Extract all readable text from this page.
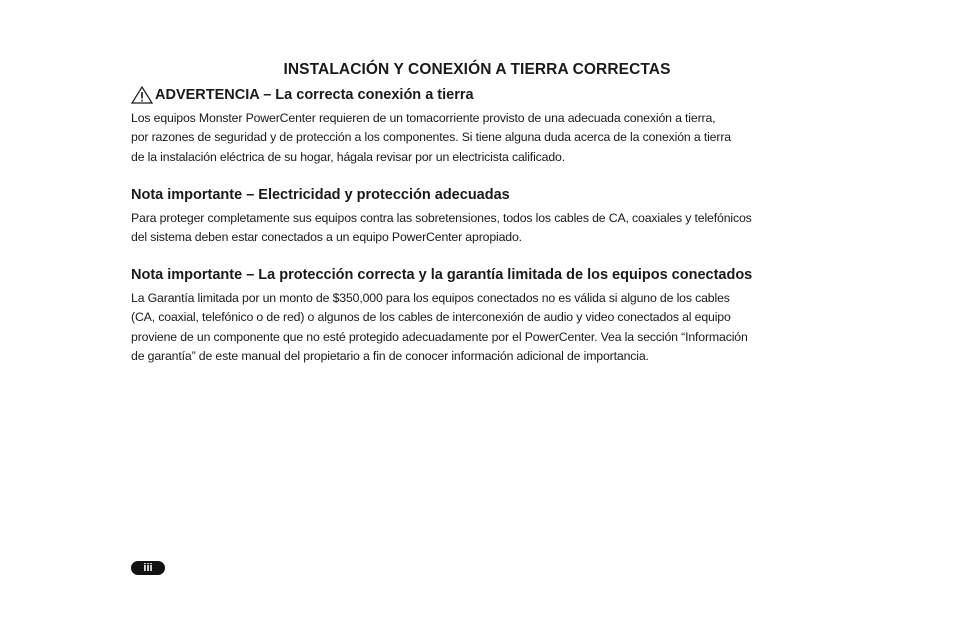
INSTALACIÓN Y CONEXIÓN A TIERRA CORRECTAS
ADVERTENCIA – La correcta conexión a tierra

Los equipos Monster PowerCenter requieren de un tomacorriente provisto de una adecuada conexión a tierra,
por razones de seguridad y de protección a los componentes. Si tiene alguna duda acerca de la conexión a tierra
de la instalación eléctrica de su hogar, hágala revisar por un electricista calificado.

Nota importante – Electricidad y protección adecuadas

Para proteger completamente sus equipos contra las sobretensiones, todos los cables de CA, coaxiales y telefónicos
del sistema deben estar conectados a un equipo PowerCenter apropiado.

Nota importante – La protección correcta y la garantía limitada de los equipos conectados

La Garantía limitada por un monto de $350,000 para los equipos conectados no es válida si alguno de los cables
(CA, coaxial, telefónico o de red) o algunos de los cables de interconexión de audio y video conectados al equipo
proviene de un componente que no esté protegido adecuadamente por el PowerCenter. Vea la sección “Información
de garantía” de este manual del propietario a fin de conocer información adicional de importancia.

iii
